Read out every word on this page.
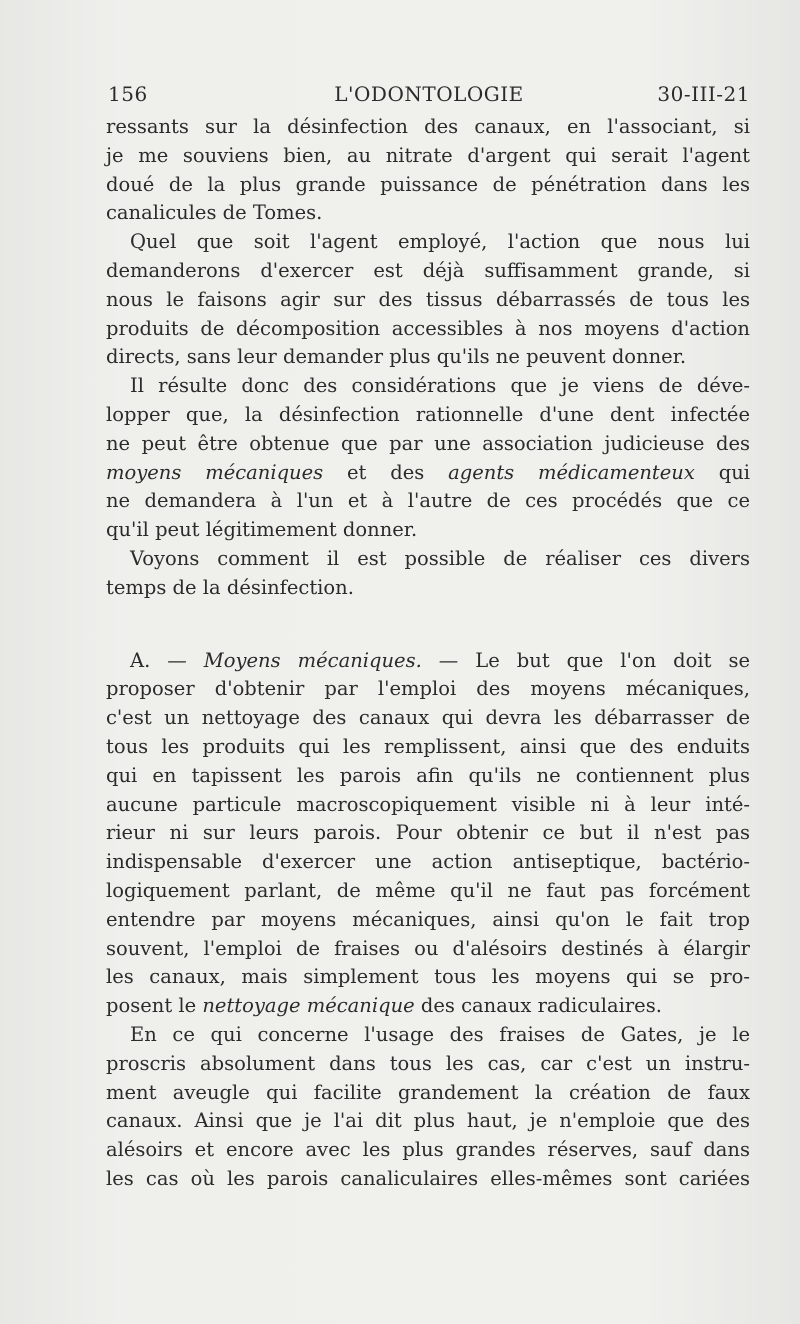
156	L'ODONTOLOGIE	30-III-21
ressants sur la désinfection des canaux, en l'associant, si
je me souviens bien, au nitrate d'argent qui serait l'agent
doué de la plus grande puissance de pénétration dans les
canalicules de Tomes.
Quel que soit l'agent employé, l'action que nous lui
demanderons d'exercer est déjà suffisamment grande, si
nous le faisons agir sur des tissus débarrassés de tous les
produits de décomposition accessibles à nos moyens d'action
directs, sans leur demander plus qu'ils ne peuvent donner.
Il résulte donc des considérations que je viens de déve-
lopper que, la désinfection rationnelle d'une dent infectée
ne peut être obtenue que par une association judicieuse des
moyens mécaniques et des agents médicamenteux qui
ne demandera à l'un et à l'autre de ces procédés que ce
qu'il peut légitimement donner.
Voyons comment il est possible de réaliser ces divers
temps de la désinfection.
A. — Moyens mécaniques. — Le but que l'on doit se
proposer d'obtenir par l'emploi des moyens mécaniques,
c'est un nettoyage des canaux qui devra les débarrasser de
tous les produits qui les remplissent, ainsi que des enduits
qui en tapissent les parois afin qu'ils ne contiennent plus
aucune particule macroscopiquement visible ni à leur inté-
rieur ni sur leurs parois. Pour obtenir ce but il n'est pas
indispensable d'exercer une action antiseptique, bactério-
logiquement parlant, de même qu'il ne faut pas forcément
entendre par moyens mécaniques, ainsi qu'on le fait trop
souvent, l'emploi de fraises ou d'alésoirs destinés à élargir
les canaux, mais simplement tous les moyens qui se pro-
posent le nettoyage mécanique des canaux radiculaires.
En ce qui concerne l'usage des fraises de Gates, je le
proscris absolument dans tous les cas, car c'est un instru-
ment aveugle qui facilite grandement la création de faux
canaux. Ainsi que je l'ai dit plus haut, je n'emploie que des
alésoirs et encore avec les plus grandes réserves, sauf dans
les cas où les parois canaliculaires elles-mêmes sont cariées
